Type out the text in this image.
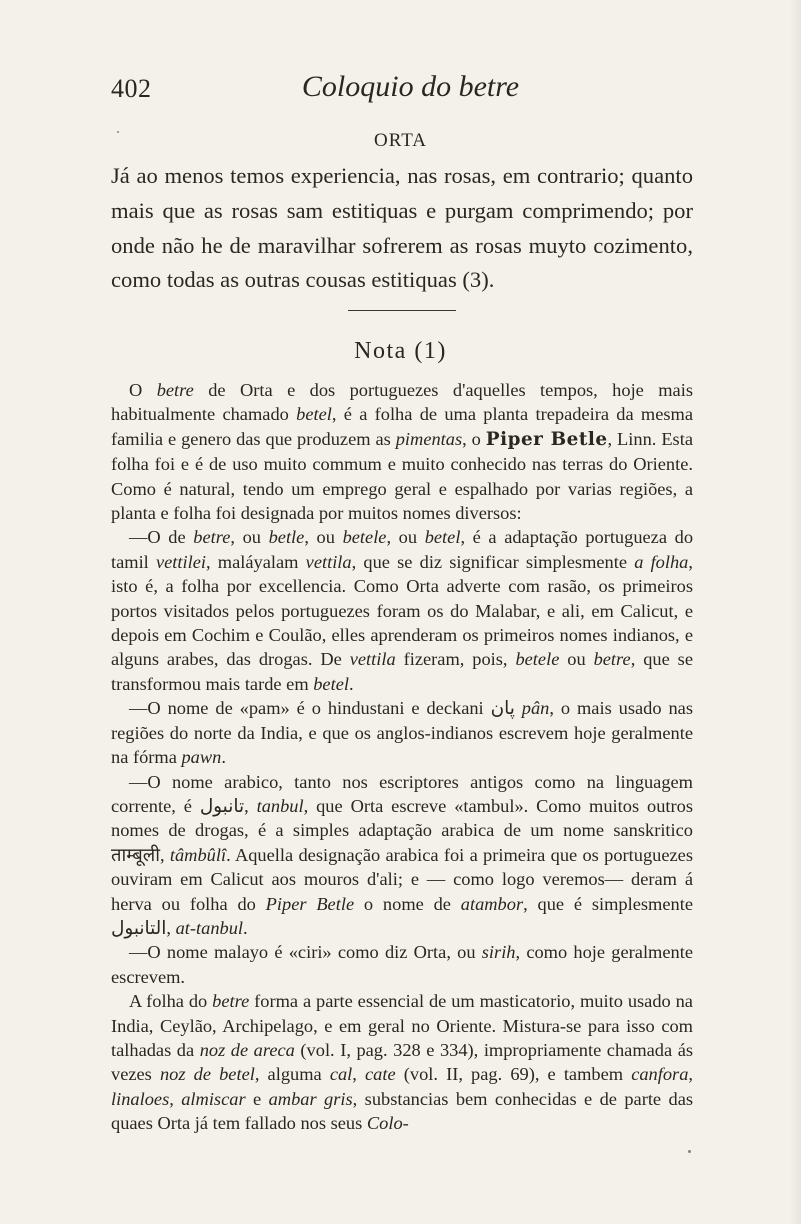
402	Coloquio do betre
ORTA

Já ao menos temos experiencia, nas rosas, em contrario; quanto mais que as rosas sam estitiquas e purgam comprimendo; por onde não he de maravilhar sofrerem as rosas muyto cozimento, como todas as outras cousas estitiquas (3).

Nota (1)

O betre de Orta e dos portuguezes d'aquelles tempos, hoje mais habitualmente chamado betel, é a folha de uma planta trepadeira da mesma familia e genero das que produzem as pimentas, o Piper Betle, Linn. Esta folha foi e é de uso muito commum e muito conhecido nas terras do Oriente. Como é natural, tendo um emprego geral e espalhado por varias regiões, a planta e folha foi designada por muitos nomes diversos:

—O de betre, ou betle, ou betele, ou betel, é a adaptação portugueza do tamil vettilei, maláyalam vettila, que se diz significar simplesmente a folha, isto é, a folha por excellencia. Como Orta adverte com rasão, os primeiros portos visitados pelos portuguezes foram os do Malabar, e ali, em Calicut, e depois em Cochim e Coulão, elles aprenderam os primeiros nomes indianos, e alguns arabes, das drogas. De vettila fizeram, pois, betele ou betre, que se transformou mais tarde em betel.

—O nome de «pam» é o hindustani e deckani پان pân, o mais usado nas regiões do norte da India, e que os anglos-indianos escrevem hoje geralmente na fórma pawn.

—O nome arabico, tanto nos escriptores antigos como na linguagem corrente, é تانبول, tanbul, que Orta escreve «tambul». Como muitos outros nomes de drogas, é a simples adaptação arabica de um nome sanskritico ताम्बूली, tâmbûlî. Aquella designação arabica foi a primeira que os portuguezes ouviram em Calicut aos mouros d'ali; e — como logo veremos— deram á herva ou folha do Piper Betle o nome de atambor, que é simplesmente التانبول, at-tanbul.

—O nome malayo é «ciri» como diz Orta, ou sirih, como hoje geralmente escrevem.

A folha do betre forma a parte essencial de um masticatorio, muito usado na India, Ceylão, Archipelago, e em geral no Oriente. Mistura-se para isso com talhadas da noz de areca (vol. I, pag. 328 e 334), impropriamente chamada ás vezes noz de betel, alguma cal, cate (vol. II, pag. 69), e tambem canfora, linaloes, almiscar e ambar gris, substancias bem conhecidas e de parte das quaes Orta já tem fallado nos seus Colo-
